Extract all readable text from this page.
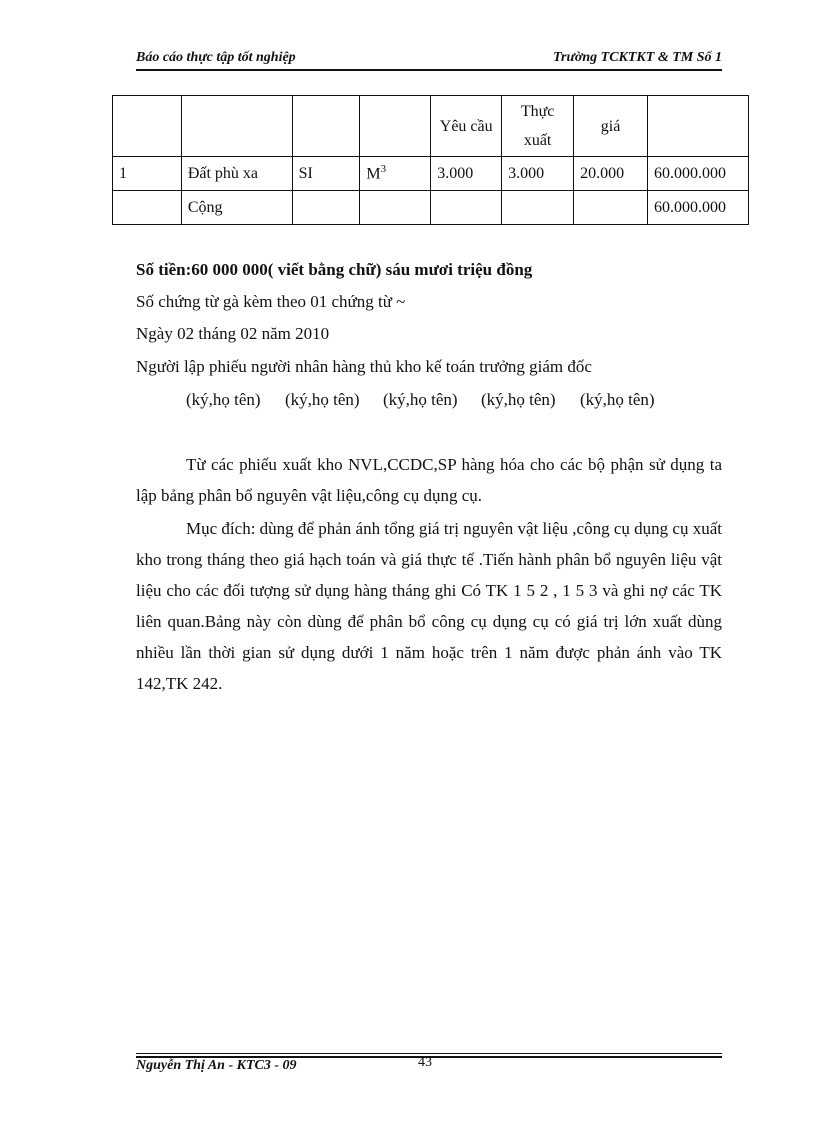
Báo cáo thực tập tốt nghiệp	Trường TCKTKT & TM Số 1
				Yêu cầu	Thực xuất	giá	
1	Đất phù xa	SI	$M^3$	3.000	3.000	20.000	60.000.000
	Cộng						60.000.000
Số tiền:60 000 000( viết bằng chữ) sáu mươi triệu đồng
Số chứng từ gà kèm theo 01 chứng từ ~
Ngày 02 tháng 02 năm 2010
Người lập phiếu người nhân hàng thủ kho kế toán trưởng giám đốc
(ký,họ tên) (ký,họ tên) (ký,họ tên) (ký,họ tên) (ký,họ tên)

Từ các phiếu xuất kho NVL,CCDC,SP hàng hóa cho các bộ phận sử dụng ta lập bảng phân bổ nguyên vật liệu,công cụ dụng cụ.

Mục đích: dùng để phản ánh tổng giá trị nguyên vật liệu ,công cụ dụng cụ xuất kho trong tháng theo giá hạch toán và giá thực tế .Tiến hành phân bổ nguyên liệu vật liệu cho các đối tượng sử dụng hàng tháng ghi Có TK 1 5 2 , 1 5 3 và ghi nợ các TK liên quan.Bảng này còn dùng để phân bổ công cụ dụng cụ có giá trị lớn xuất dùng nhiều lần thời gian sử dụng dưới 1 năm hoặc trên 1 năm được phản ánh vào TK 142,TK 242.

Nguyễn Thị An - KTC3 - 09	43
